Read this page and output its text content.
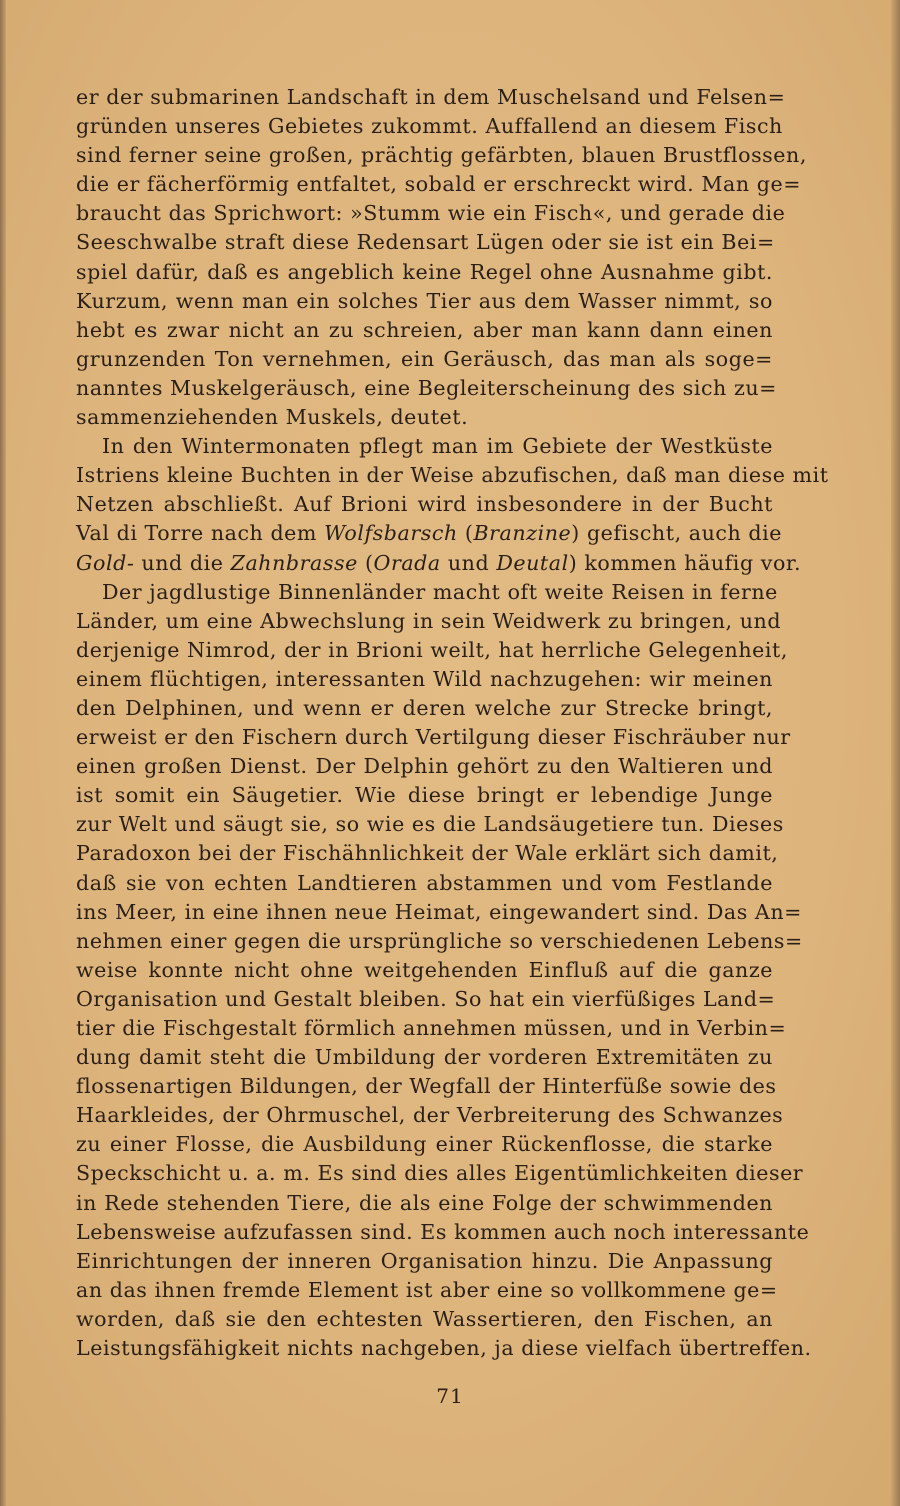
er der submarinen Landschaft in dem Muschelsand und Felsen=
gründen unseres Gebietes zukommt. Auffallend an diesem Fisch
sind ferner seine großen, prächtig gefärbten, blauen Brustflossen,
die er fächerförmig entfaltet, sobald er erschreckt wird. Man ge=
braucht das Sprichwort: »Stumm wie ein Fisch«, und gerade die
Seeschwalbe straft diese Redensart Lügen oder sie ist ein Bei=
spiel dafür, daß es angeblich keine Regel ohne Ausnahme gibt.
Kurzum, wenn man ein solches Tier aus dem Wasser nimmt, so
hebt es zwar nicht an zu schreien, aber man kann dann einen
grunzenden Ton vernehmen, ein Geräusch, das man als soge=
nanntes Muskelgeräusch, eine Begleiterscheinung des sich zu=
sammenziehenden Muskels, deutet.
In den Wintermonaten pflegt man im Gebiete der Westküste
Istriens kleine Buchten in der Weise abzufischen, daß man diese mit
Netzen abschließt. Auf Brioni wird insbesondere in der Bucht
Val di Torre nach dem Wolfsbarsch (Branzine) gefischt, auch die
Gold- und die Zahnbrasse (Orada und Deutal) kommen häufig vor.
Der jagdlustige Binnenländer macht oft weite Reisen in ferne
Länder, um eine Abwechslung in sein Weidwerk zu bringen, und
derjenige Nimrod, der in Brioni weilt, hat herrliche Gelegenheit,
einem flüchtigen, interessanten Wild nachzugehen: wir meinen
den Delphinen, und wenn er deren welche zur Strecke bringt,
erweist er den Fischern durch Vertilgung dieser Fischräuber nur
einen großen Dienst. Der Delphin gehört zu den Waltieren und
ist somit ein Säugetier. Wie diese bringt er lebendige Junge
zur Welt und säugt sie, so wie es die Landsäugetiere tun. Dieses
Paradoxon bei der Fischähnlichkeit der Wale erklärt sich damit,
daß sie von echten Landtieren abstammen und vom Festlande
ins Meer, in eine ihnen neue Heimat, eingewandert sind. Das An=
nehmen einer gegen die ursprüngliche so verschiedenen Lebens=
weise konnte nicht ohne weitgehenden Einfluß auf die ganze
Organisation und Gestalt bleiben. So hat ein vierfüßiges Land=
tier die Fischgestalt förmlich annehmen müssen, und in Verbin=
dung damit steht die Umbildung der vorderen Extremitäten zu
flossenartigen Bildungen, der Wegfall der Hinterfüße sowie des
Haarkleides, der Ohrmuschel, der Verbreiterung des Schwanzes
zu einer Flosse, die Ausbildung einer Rückenflosse, die starke
Speckschicht u. a. m. Es sind dies alles Eigentümlichkeiten dieser
in Rede stehenden Tiere, die als eine Folge der schwimmenden
Lebensweise aufzufassen sind. Es kommen auch noch interessante
Einrichtungen der inneren Organisation hinzu. Die Anpassung
an das ihnen fremde Element ist aber eine so vollkommene ge=
worden, daß sie den echtesten Wassertieren, den Fischen, an
Leistungsfähigkeit nichts nachgeben, ja diese vielfach übertreffen.
71
